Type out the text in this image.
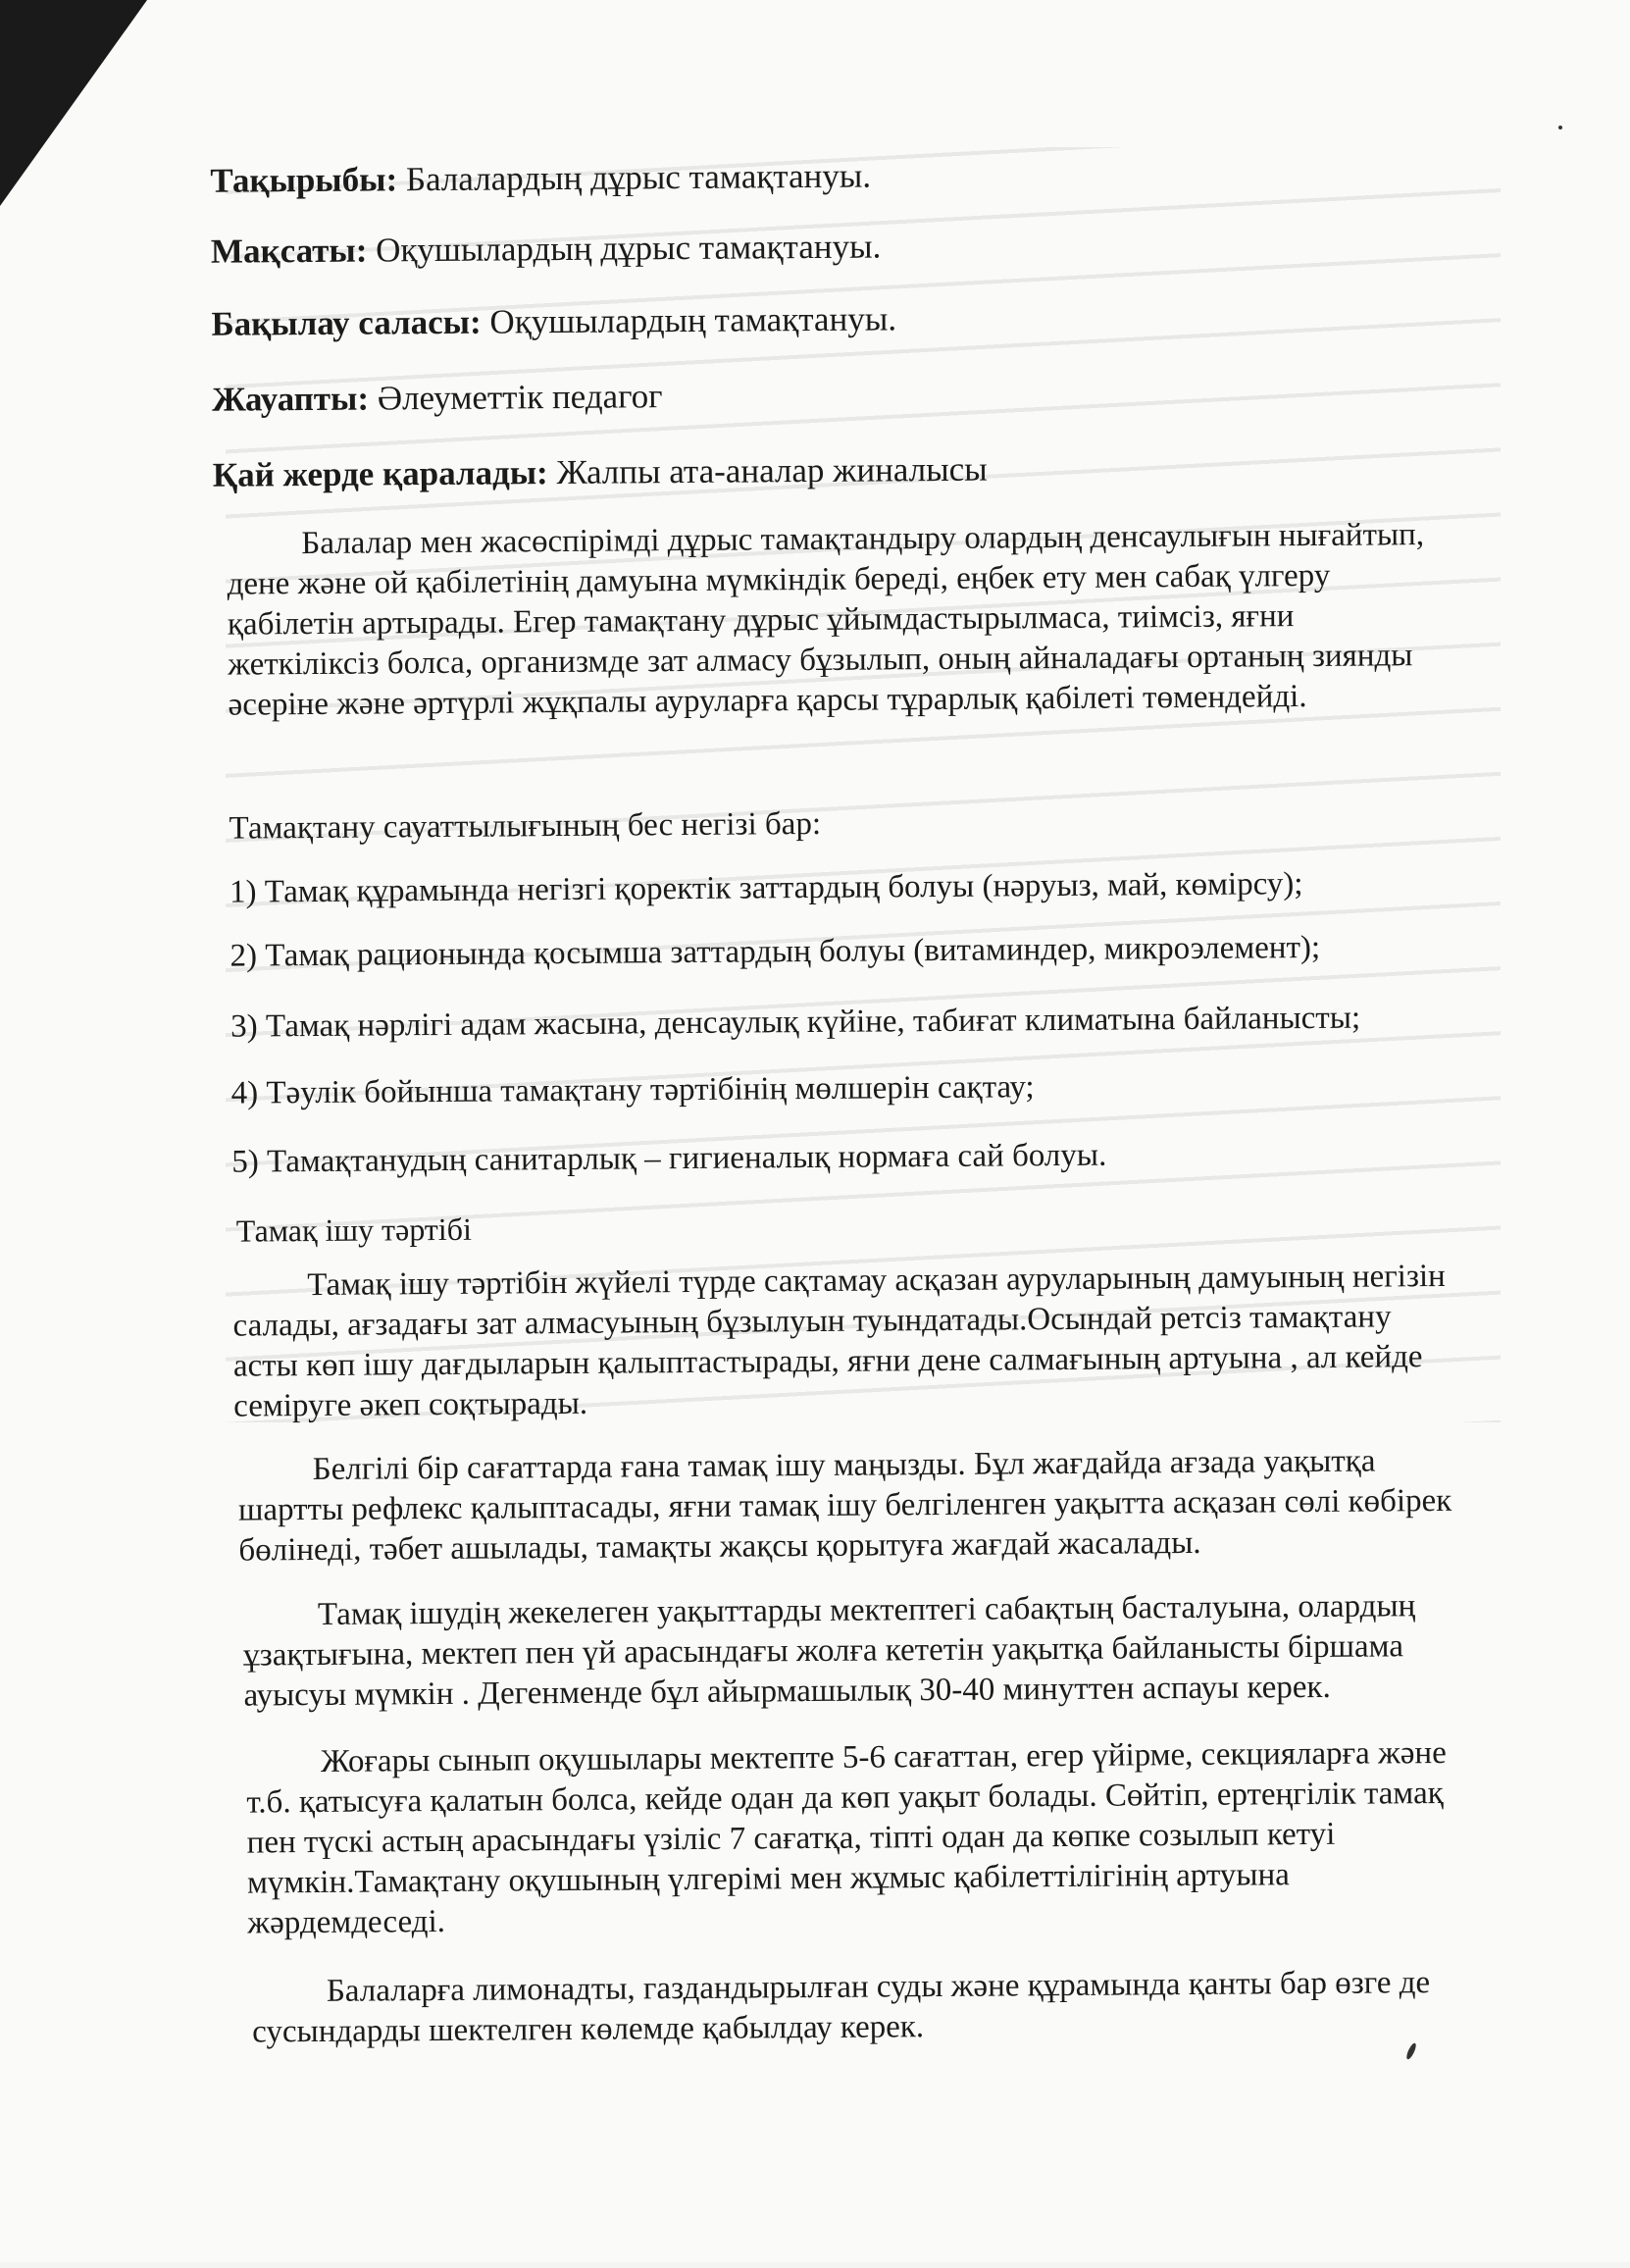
Тақырыбы: Балалардың дұрыс тамақтануы.
Мақсаты: Оқушылардың дұрыс тамақтануы.
Бақылау саласы: Оқушылардың тамақтануы.
Жауапты: Әлеуметтік педагог
Қай жерде қаралады: Жалпы ата-аналар жиналысы
Балалар мен жасөспірімді дұрыс тамақтандыру олардың денсаулығын нығайтып, дене және ой қабілетінің дамуына мүмкіндік береді, еңбек ету мен сабақ үлгеру қабілетін артырады. Егер тамақтану дұрыс ұйымдастырылмаса, тиімсіз, яғни жеткіліксіз болса, организмде зат алмасу бұзылып, оның айналадағы ортаның зиянды әсеріне және әртүрлі жұқпалы ауруларға қарсы тұрарлық қабілеті төмендейді.
Тамақтану сауаттылығының бес негізі бар:
1) Тамақ құрамында негізгі қоректік заттардың болуы (нәруыз, май, көмірсу);
2) Тамақ рационында қосымша заттардың болуы (витаминдер, микроэлемент);
3) Тамақ нәрлігі адам жасына, денсаулық күйіне, табиғат климатына байланысты;
4) Тәулік бойынша тамақтану тәртібінің мөлшерін сақтау;
5) Тамақтанудың санитарлық – гигиеналық нормаға сай болуы.
Тамақ ішу тәртібі
Тамақ ішу тәртібін жүйелі түрде сақтамау асқазан ауруларының дамуының негізін салады, ағзадағы зат алмасуының бұзылуын туындатады.Осындай ретсіз тамақтану асты көп ішу дағдыларын қалыптастырады, яғни дене салмағының артуына , ал кейде семіруге әкеп соқтырады.
Белгілі бір сағаттарда ғана тамақ ішу маңызды. Бұл жағдайда ағзада уақытқа шартты рефлекс қалыптасады, яғни тамақ ішу белгіленген уақытта асқазан сөлі көбірек бөлінеді, тәбет ашылады, тамақты жақсы қорытуға жағдай жасалады.
Тамақ ішудің жекелеген уақыттарды мектептегі сабақтың басталуына, олардың ұзақтығына, мектеп пен үй арасындағы жолға кететін уақытқа байланысты біршама ауысуы мүмкін . Дегенменде бұл айырмашылық 30-40 минуттен аспауы керек.
Жоғары сынып оқушылары мектепте 5-6 сағаттан, егер үйірме, секцияларға және т.б. қатысуға қалатын болса, кейде одан да көп уақыт болады. Сөйтіп, ертеңгілік тамақ пен түскі астың арасындағы үзіліс 7 сағатқа, тіпті одан да көпке созылып кетуі мүмкін.Тамақтану оқушының үлгерімі мен жұмыс қабілеттілігінің артуына жәрдемдеседі.
Балаларға лимонадты, газдандырылған суды және құрамында қанты бар өзге де сусындарды шектелген көлемде қабылдау керек.
